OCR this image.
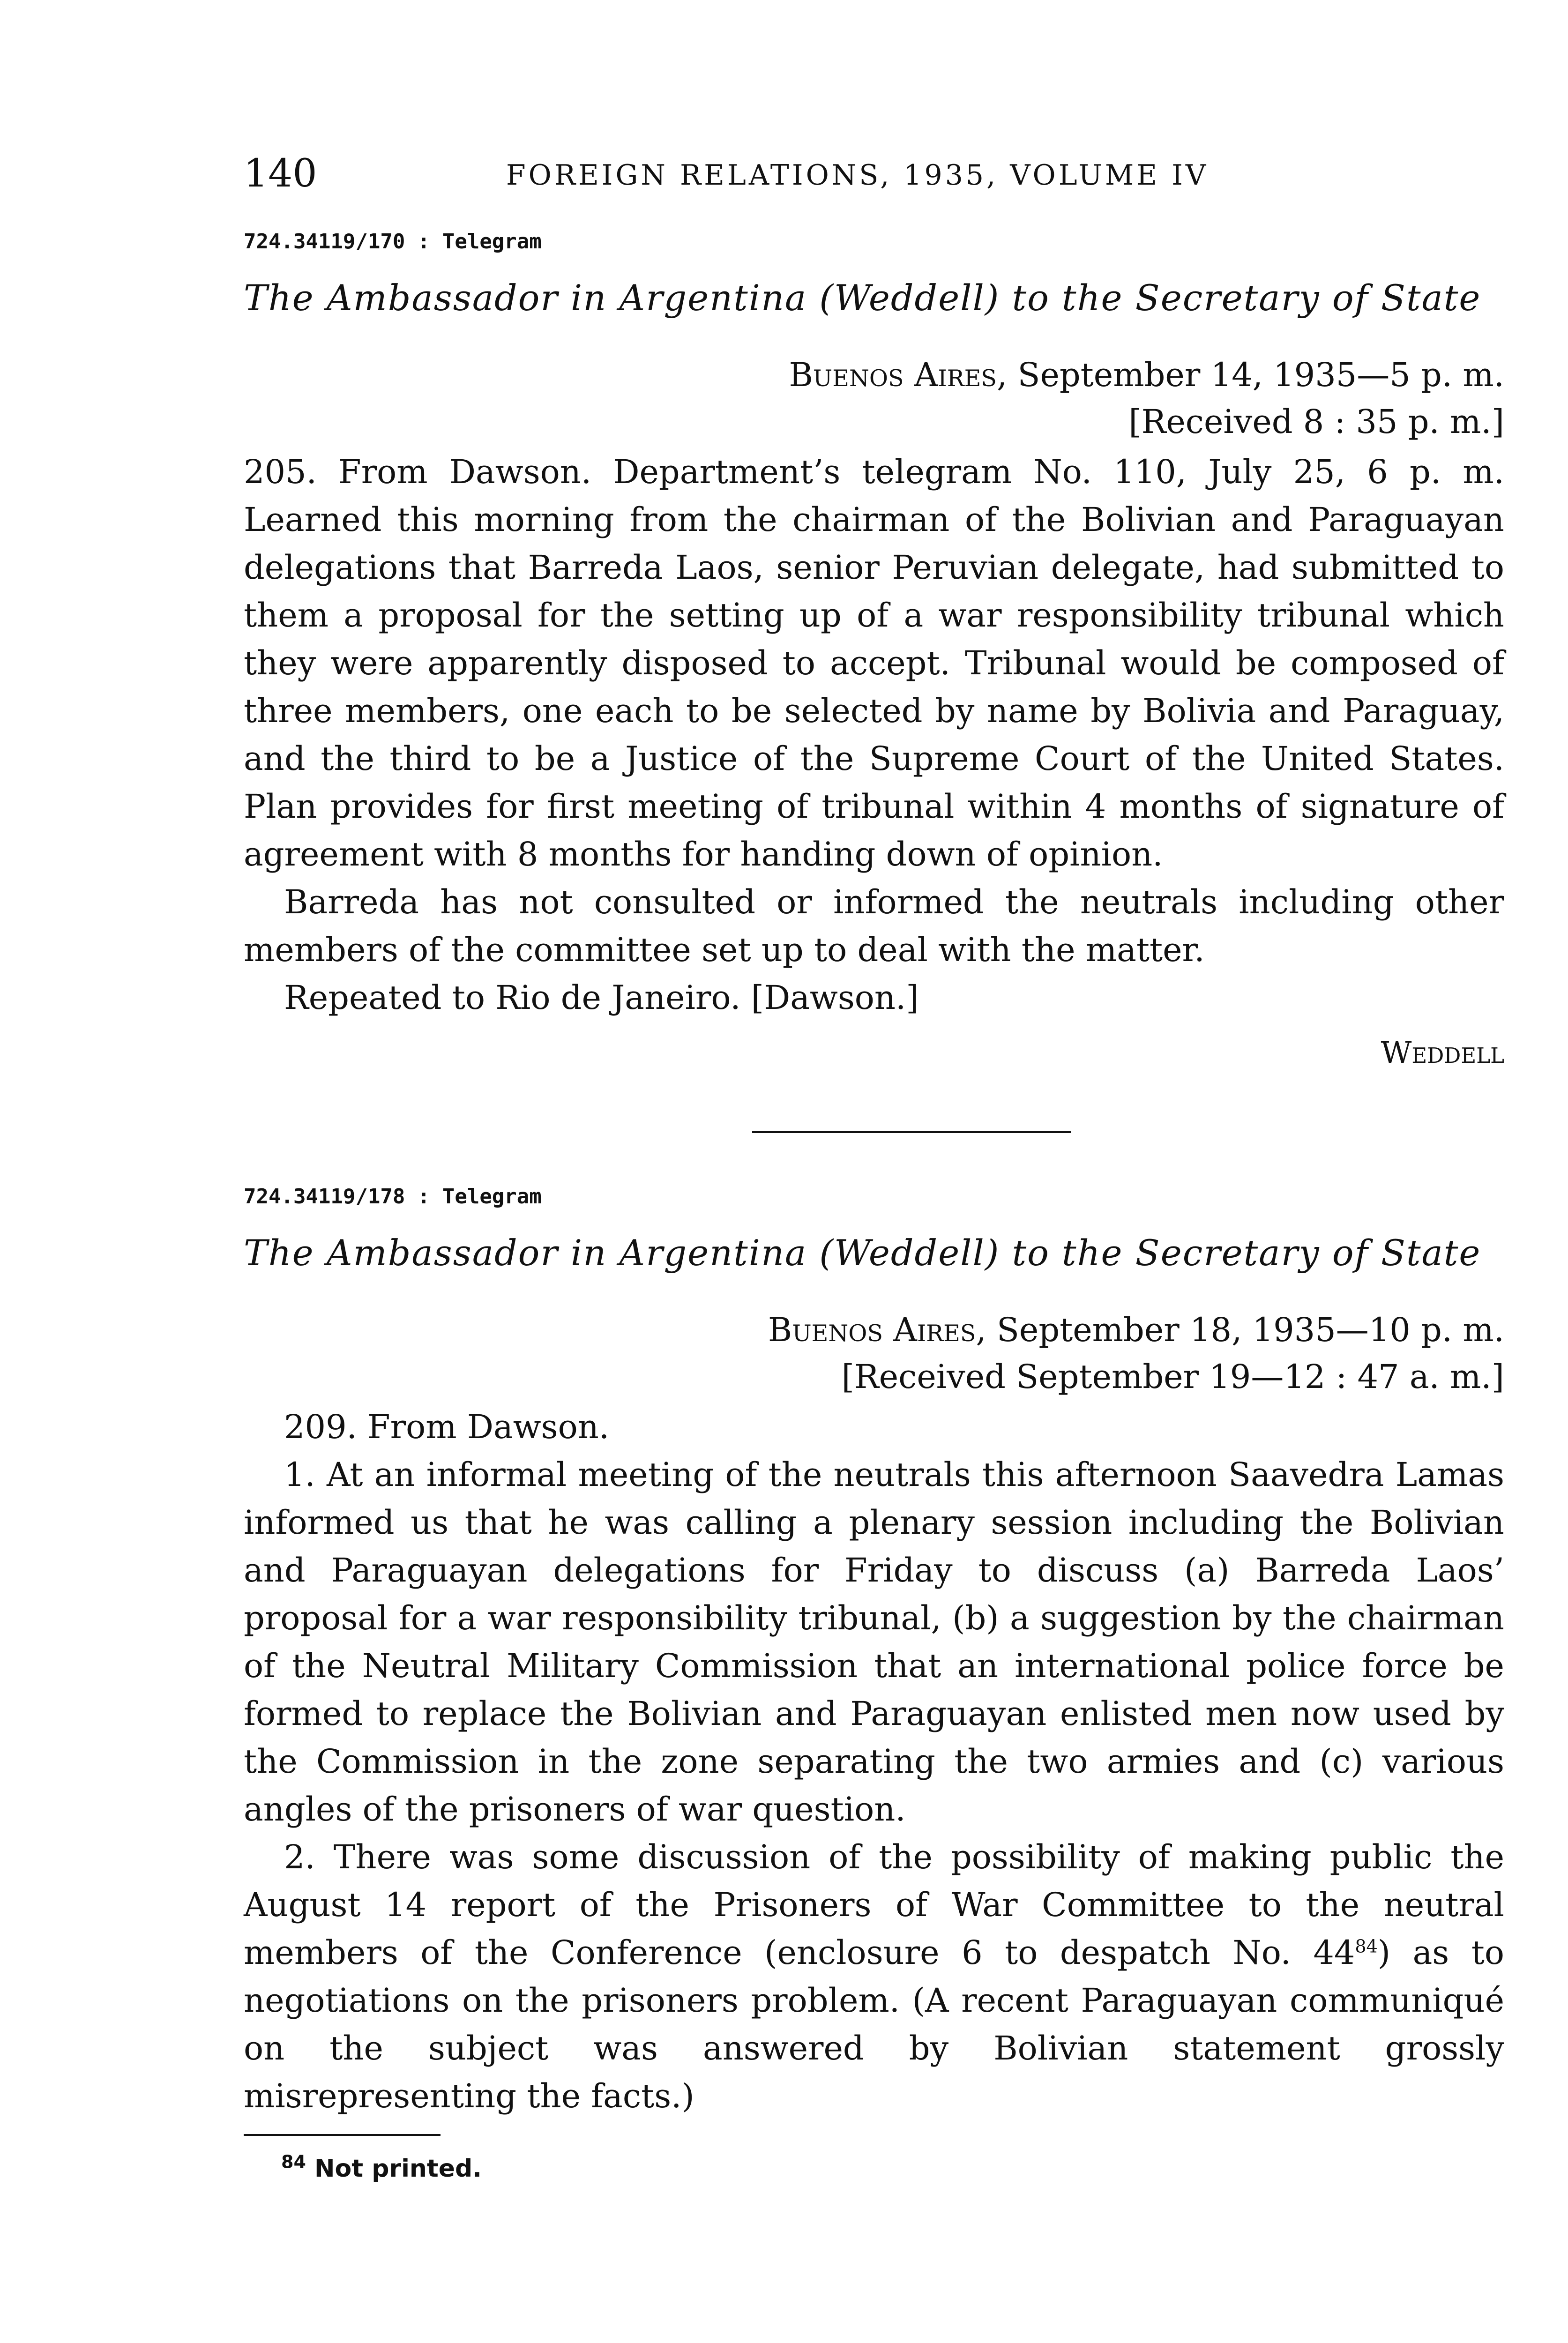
140	FOREIGN RELATIONS, 1935, VOLUME IV
724.34119/170 : Telegram
The Ambassador in Argentina (Weddell) to the Secretary of State
Buenos Aires, September 14, 1935—5 p. m.
[Received 8 : 35 p. m.]

205. From Dawson. Department’s telegram No. 110, July 25, 6 p. m. Learned this morning from the chairman of the Bolivian and Paraguayan delegations that Barreda Laos, senior Peruvian delegate, had submitted to them a proposal for the setting up of a war responsibility tribunal which they were apparently disposed to accept. Tribunal would be composed of three members, one each to be selected by name by Bolivia and Paraguay, and the third to be a Justice of the Supreme Court of the United States. Plan provides for first meeting of tribunal within 4 months of signature of agreement with 8 months for handing down of opinion.

Barreda has not consulted or informed the neutrals including other members of the committee set up to deal with the matter.

Repeated to Rio de Janeiro. [Dawson.]

Weddell
724.34119/178 : Telegram
The Ambassador in Argentina (Weddell) to the Secretary of State
Buenos Aires, September 18, 1935—10 p. m.
[Received September 19—12 : 47 a. m.]

209. From Dawson.

1. At an informal meeting of the neutrals this afternoon Saavedra Lamas informed us that he was calling a plenary session including the Bolivian and Paraguayan delegations for Friday to discuss (a) Barreda Laos’ proposal for a war responsibility tribunal, (b) a suggestion by the chairman of the Neutral Military Commission that an international police force be formed to replace the Bolivian and Paraguayan enlisted men now used by the Commission in the zone separating the two armies and (c) various angles of the prisoners of war question.

2. There was some discussion of the possibility of making public the August 14 report of the Prisoners of War Committee to the neutral members of the Conference (enclosure 6 to despatch No. $44^{84}$) as to negotiations on the prisoners problem. (A recent Paraguayan communiqué on the subject was answered by Bolivian statement grossly misrepresenting the facts.)

$^{84}$ Not printed.
